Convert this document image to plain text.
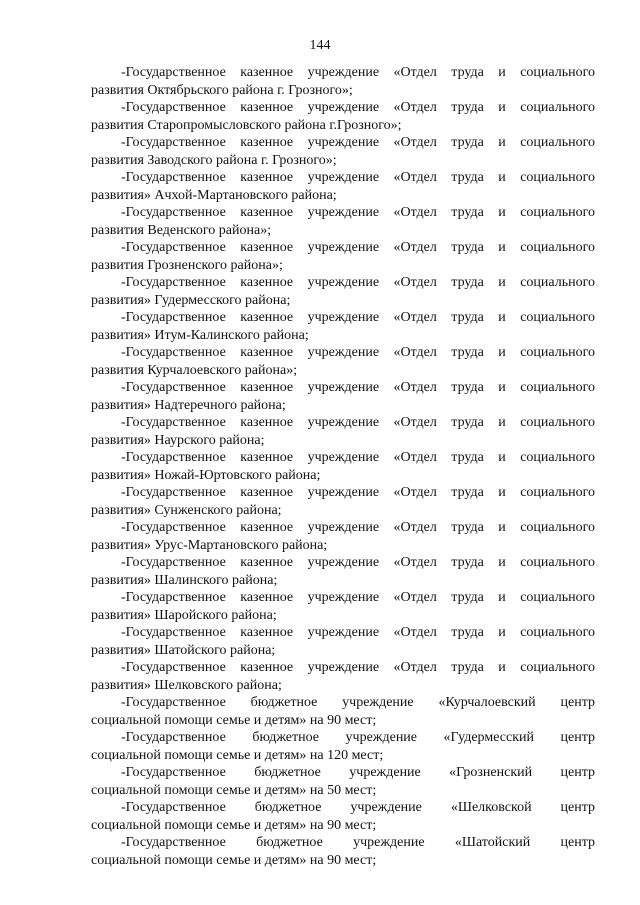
144

-Государственное казенное учреждение «Отдел труда и социального
развития Октябрьского района г. Грозного»;

-Государственное казенное учреждение «Отдел труда и социального
развития Старопромысловского района г.Грозного»;

-Государственное казенное учреждение «Отдел труда и социального
развития Заводского района г. Грозного»;

-Государственное казенное учреждение «Отдел труда и социального
развития» Ачхой-Мартановского района;

-Государственное казенное учреждение «Отдел труда и социального
развития Веденского района»;

-Государственное казенное учреждение «Отдел труда и социального
развития Грозненского района»;

-Государственное казенное учреждение «Отдел труда и социального
развития» Гудермесского района;

-Государственное казенное учреждение «Отдел труда и социального
развития» Итум-Калинского района;

-Государственное казенное учреждение «Отдел труда и социального
развития Курчалоевского района»;

-Государственное казенное учреждение «Отдел труда и социального
развития» Надтеречного района;

-Государственное казенное учреждение «Отдел труда и социального
развития» Наурского района;

-Государственное казенное учреждение «Отдел труда и социального
развития» Ножай-Юртовского района;

-Государственное казенное учреждение «Отдел труда и социального
развития» Сунженского района;

-Государственное казенное учреждение «Отдел труда и социального
развития» Урус-Мартановского района;

-Государственное казенное учреждение «Отдел труда и социального
развития» Шалинского района;

-Государственное казенное учреждение «Отдел труда и социального
развития» Шаройского района;

-Государственное казенное учреждение «Отдел труда и социального
развития» Шатойского района;

-Государственное казенное учреждение «Отдел труда и социального
развития» Шелковского района;

-Государственное бюджетное учреждение «Курчалоевский центр
социальной помощи семье и детям» на 90 мест;

-Государственное бюджетное учреждение «Гудермесский центр
социальной помощи семье и детям» на 120 мест;

-Государственное бюджетное учреждение «Грозненский центр
социальной помощи семье и детям» на 50 мест;

-Государственное бюджетное учреждение «Шелковской центр
социальной помощи семье и детям» на 90 мест;

-Государственное бюджетное учреждение «Шатойский центр
социальной помощи семье и детям» на 90 мест;
